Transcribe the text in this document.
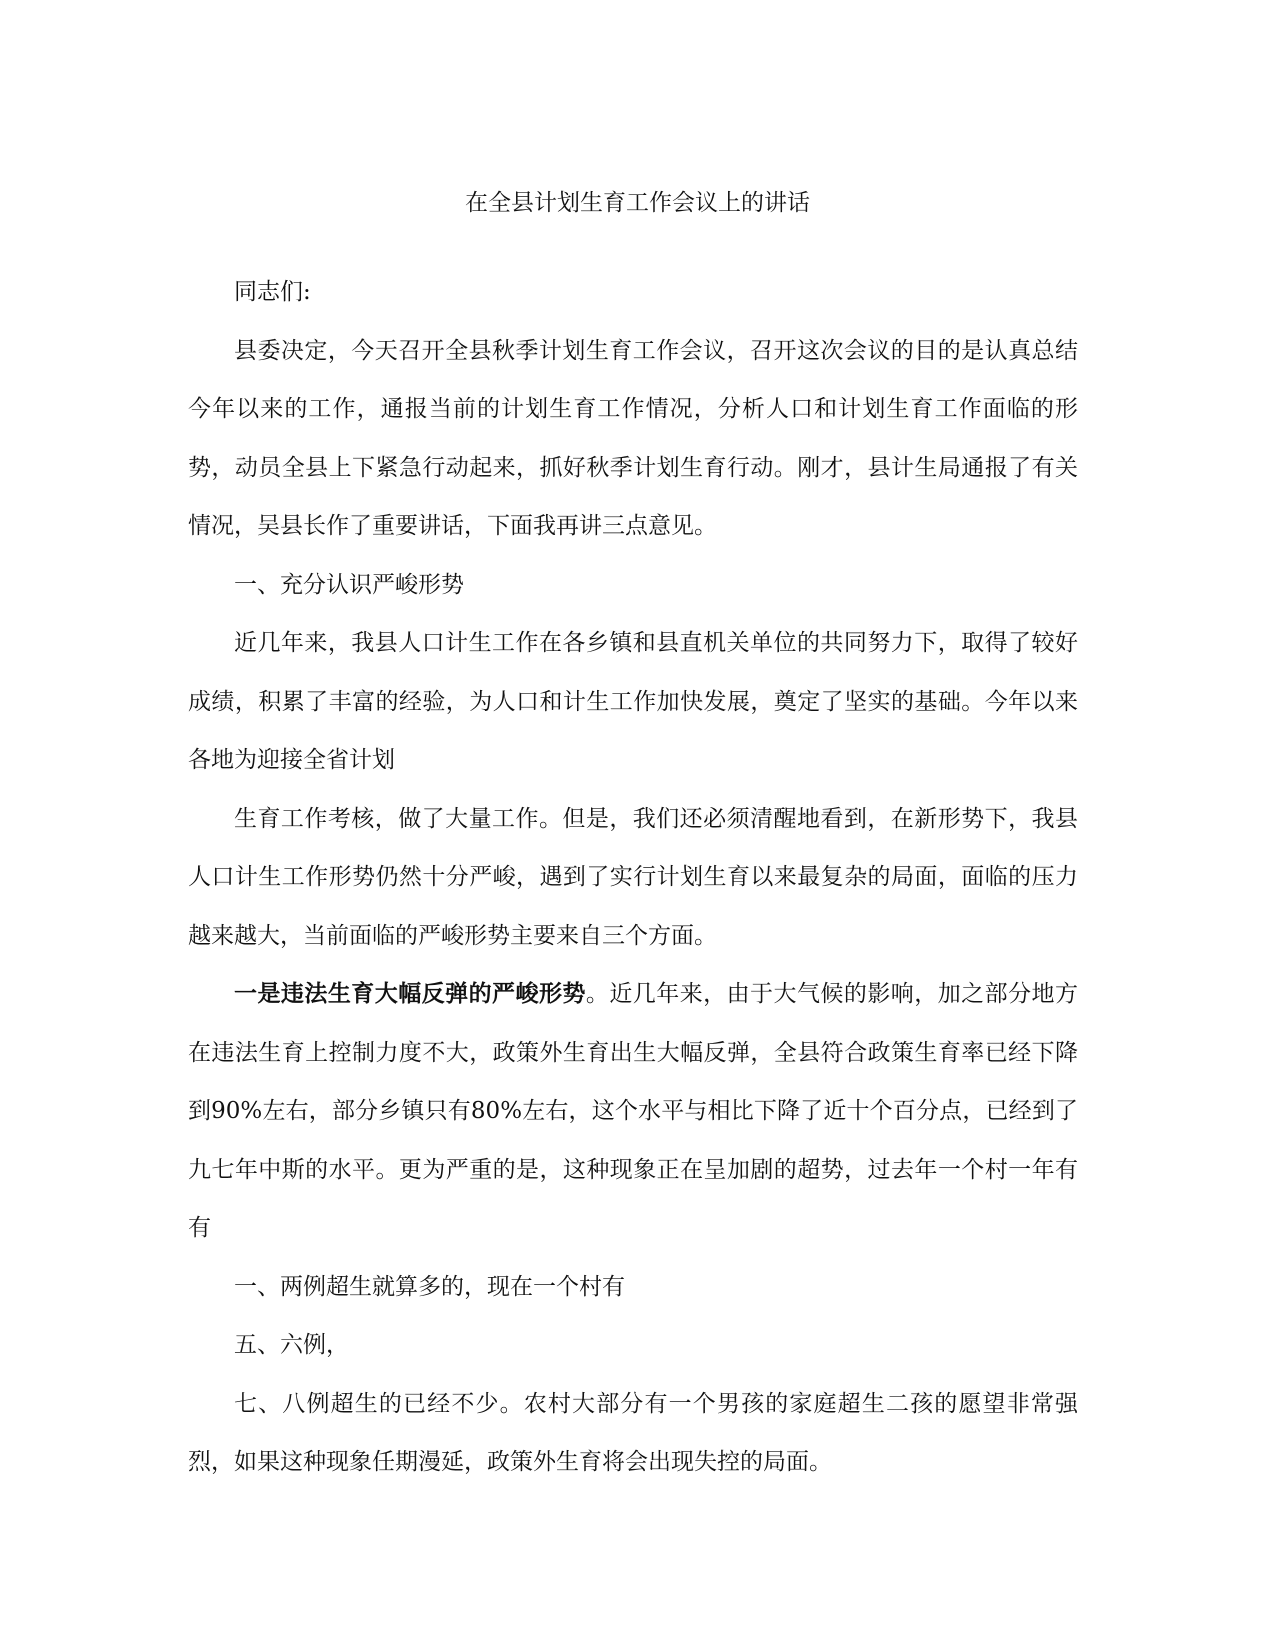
在全县计划生育工作会议上的讲话

同志们:

县委决定，今天召开全县秋季计划生育工作会议，召开这次会议的目的是认真总结今年以来的工作，通报当前的计划生育工作情况，分析人口和计划生育工作面临的形势，动员全县上下紧急行动起来，抓好秋季计划生育行动。刚才，县计生局通报了有关情况，吴县长作了重要讲话，下面我再讲三点意见。

一、充分认识严峻形势

近几年来，我县人口计生工作在各乡镇和县直机关单位的共同努力下，取得了较好成绩，积累了丰富的经验，为人口和计生工作加快发展，奠定了坚实的基础。今年以来各地为迎接全省计划

生育工作考核，做了大量工作。但是，我们还必须清醒地看到，在新形势下，我县人口计生工作形势仍然十分严峻，遇到了实行计划生育以来最复杂的局面，面临的压力越来越大，当前面临的严峻形势主要来自三个方面。

一是违法生育大幅反弹的严峻形势。近几年来，由于大气候的影响，加之部分地方在违法生育上控制力度不大，政策外生育出生大幅反弹，全县符合政策生育率已经下降到90%左右，部分乡镇只有80%左右，这个水平与相比下降了近十个百分点，已经到了九七年中斯的水平。更为严重的是，这种现象正在呈加剧的超势，过去年一个村一年有有

一、两例超生就算多的，现在一个村有

五、六例，

七、八例超生的已经不少。农村大部分有一个男孩的家庭超生二孩的愿望非常强烈，如果这种现象任期漫延，政策外生育将会出现失控的局面。
